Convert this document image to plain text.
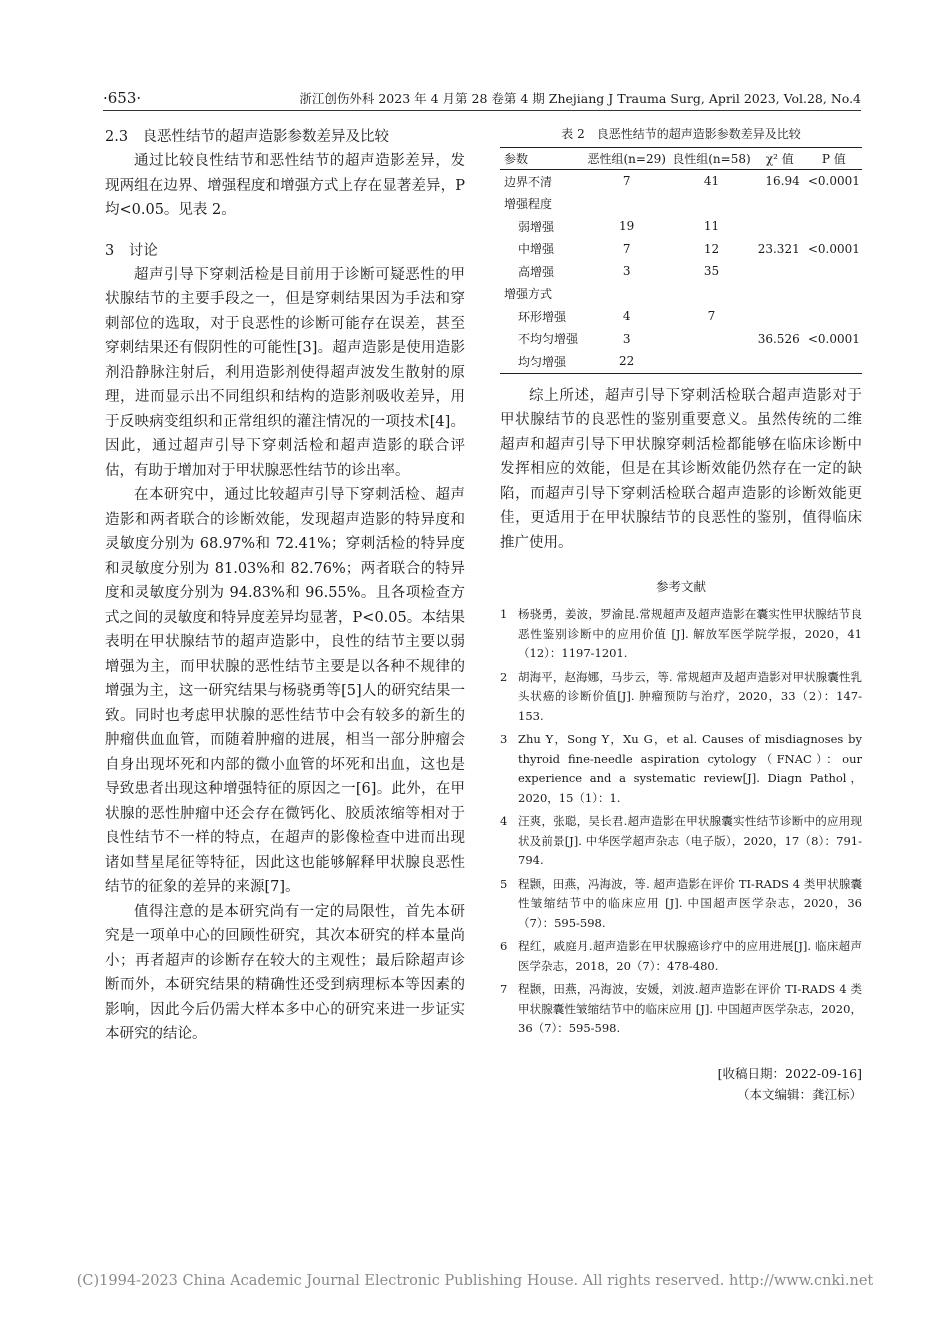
·653·	浙江创伤外科 2023 年 4 月第 28 卷第 4 期 Zhejiang J Trauma Surg, April 2023, Vol.28, No.4

2.3　良恶性结节的超声造影参数差异及比较

通过比较良性结节和恶性结节的超声造影差异，发现两组在边界、增强程度和增强方式上存在显著差异，P 均<0.05。见表 2。

3　讨论

超声引导下穿刺活检是目前用于诊断可疑恶性的甲状腺结节的主要手段之一，但是穿刺结果因为手法和穿刺部位的选取，对于良恶性的诊断可能存在误差，甚至穿刺结果还有假阴性的可能性[3]。超声造影是使用造影剂沿静脉注射后，利用造影剂使得超声波发生散射的原理，进而显示出不同组织和结构的造影剂吸收差异，用于反映病变组织和正常组织的灌注情况的一项技术[4]。因此，通过超声引导下穿刺活检和超声造影的联合评估，有助于增加对于甲状腺恶性结节的诊出率。

在本研究中，通过比较超声引导下穿刺活检、超声造影和两者联合的诊断效能，发现超声造影的特异度和灵敏度分别为 68.97%和 72.41%；穿刺活检的特异度和灵敏度分别为 81.03%和 82.76%；两者联合的特异度和灵敏度分别为 94.83%和 96.55%。且各项检查方式之间的灵敏度和特异度差异均显著，P<0.05。本结果表明在甲状腺结节的超声造影中，良性的结节主要以弱增强为主，而甲状腺的恶性结节主要是以各种不规律的增强为主，这一研究结果与杨骁勇等[5]人的研究结果一致。同时也考虑甲状腺的恶性结节中会有较多的新生的肿瘤供血血管，而随着肿瘤的进展，相当一部分肿瘤会自身出现坏死和内部的微小血管的坏死和出血，这也是导致患者出现这种增强特征的原因之一[6]。此外，在甲状腺的恶性肿瘤中还会存在微钙化、胶质浓缩等相对于良性结节不一样的特点，在超声的影像检查中进而出现诸如彗星尾征等特征，因此这也能够解释甲状腺良恶性结节的征象的差异的来源[7]。

值得注意的是本研究尚有一定的局限性，首先本研究是一项单中心的回顾性研究，其次本研究的样本量尚小；再者超声的诊断存在较大的主观性；最后除超声诊断而外，本研究结果的精确性还受到病理标本等因素的影响，因此今后仍需大样本多中心的研究来进一步证实本研究的结论。

表 2　良恶性结节的超声造影参数差异及比较
参数	恶性组(n=29)	良性组(n=58)	χ² 值	P 值
边界不清	7	41	16.94	<0.0001
增强程度				
弱增强	19	11		
中增强	7	12	23.321	<0.0001
高增强	3	35		
增强方式				
环形增强	4	7		
不均匀增强	3		36.526	<0.0001
均匀增强	22			

综上所述，超声引导下穿刺活检联合超声造影对于甲状腺结节的良恶性的鉴别重要意义。虽然传统的二维超声和超声引导下甲状腺穿刺活检都能够在临床诊断中发挥相应的效能，但是在其诊断效能仍然存在一定的缺陷，而超声引导下穿刺活检联合超声造影的诊断效能更佳，更适用于在甲状腺结节的良恶性的鉴别，值得临床推广使用。

参考文献
1 杨骁勇，姜波，罗渝昆.常规超声及超声造影在囊实性甲状腺结节良恶性鉴别诊断中的应用价值 [J]. 解放军医学院学报，2020，41（12）：1197-1201.
2 胡海平，赵海娜，马步云，等. 常规超声及超声造影对甲状腺囊性乳头状癌的诊断价值[J]. 肿瘤预防与治疗，2020，33（2）：147-153.
3 Zhu Y，Song Y，Xu G，et al. Causes of misdiagnoses by thyroid fine-needle aspiration cytology（FNAC）：our experience and a systematic review[J]. Diagn Pathol，2020，15（1）：1.
4 汪爽，张聪，吴长君.超声造影在甲状腺囊实性结节诊断中的应用现状及前景[J]. 中华医学超声杂志（电子版），2020，17（8）：791-794.
5 程颢，田燕，冯海波，等. 超声造影在评价 TI-RADS 4 类甲状腺囊性皱缩结节中的临床应用 [J]. 中国超声医学杂志，2020，36（7）：595-598.
6 程红，戚庭月.超声造影在甲状腺癌诊疗中的应用进展[J]. 临床超声医学杂志，2018，20（7）：478-480.
7 程颢，田燕，冯海波，安媛，刘波.超声造影在评价 TI-RADS 4 类甲状腺囊性皱缩结节中的临床应用 [J]. 中国超声医学杂志，2020，36（7）：595-598.
[收稿日期：2022-09-16]
（本文编辑：龚江标）
(C)1994-2023 China Academic Journal Electronic Publishing House. All rights reserved. http://www.cnki.net
